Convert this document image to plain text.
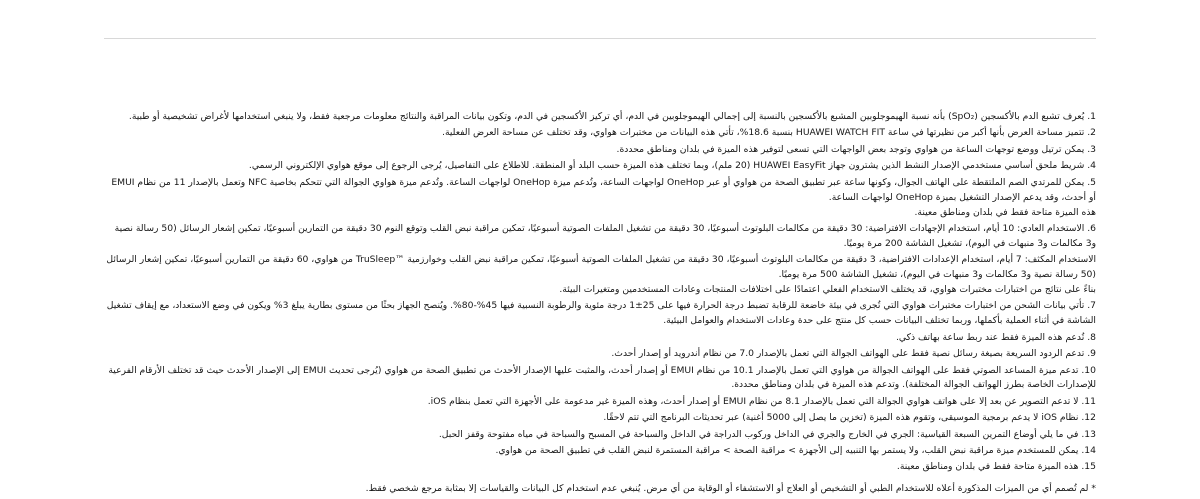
1. يُعرف تشبع الدم بالأكسجين (SpO₂) بأنه نسبة الهيموجلوبين المشبع بالأكسجين بالنسبة إلى إجمالي الهيموجلوبين في الدم، أي تركيز الأكسجين في الدم، وتكون بيانات المراقبة والنتائج معلومات مرجعية فقط، ولا ينبغي استخدامها لأغراض تشخيصية أو طبية.

2. تتميز مساحة العرض بأنها أكبر من نظيرتها في ساعة HUAWEI WATCH FIT بنسبة 18.6%، تأتي هذه البيانات من مختبرات هواوي، وقد تختلف عن مساحة العرض الفعلية.

3. يمكن ترتيل ووضع توجهات الساعة من هواوي وتوجد بعض الواجهات التي تسعى لتوفير هذه الميزة في بلدان ومناطق محددة.

4. شريط ملحق أساسي مستخدمي الإصدار النشط الذين يشترون جهاز HUAWEI EasyFit (20 ملم)، وبما تختلف هذه الميزة حسب البلد أو المنطقة. للاطلاع على التفاصيل، يُرجى الرجوع إلى موقع هواوي الإلكتروني الرسمي.

5. يمكن للمرتدي الصم الملتقطة على الهاتف الجوال، وكونها ساعة عبر تطبيق الصحة من هواوي أو عبر OneHop لواجهات الساعة، وتُدعم ميزة OneHop لواجهات الساعة. وتُدعم ميزة هواوي الجوالة التي تتحكم بخاصية NFC وتعمل بالإصدار 11 من نظام EMUI أو أحدث، وقد يدعم الإصدار التشغيل بميزة OneHop لواجهات الساعة.

هذه الميزة متاحة فقط في بلدان ومناطق معينة.

6. الاستخدام العادي: 10 أيام، استخدام الإجهادات الافتراضية: 30 دقيقة من مكالمات البلوتوث أسبوعيًا، 30 دقيقة من تشغيل الملفات الصوتية أسبوعيًا، تمكين مراقبة نبض القلب وتوقع النوم 30 دقيقة من التمارين أسبوعيًا، تمكين إشعار الرسائل (50 رسالة نصية و3 مكالمات و3 منبهات في اليوم)، تشغيل الشاشة 200 مرة يوميًا.

الاستخدام المكثف: 7 أيام، استخدام الإعدادات الافتراضية، 3 دقيقة من مكالمات البلوتوث أسبوعيًا، 30 دقيقة من تشغيل الملفات الصوتية أسبوعيًا، تمكين مراقبة نبض القلب وخوارزمية ™TruSleep من هواوي، 60 دقيقة من التمارين أسبوعيًا، تمكين إشعار الرسائل (50 رسالة نصية و3 مكالمات و3 منبهات في اليوم)، تشغيل الشاشة 500 مرة يوميًا.

بناءً على نتائج من اختبارات مختبرات هواوي، قد يختلف الاستخدام الفعلي اعتمادًا على اختلافات المنتجات وعادات المستخدمين ومتغيرات البيئة.

7. تأتي بيانات الشحن من اختبارات مختبرات هواوي التي تُجرى في بيئة خاضعة للرقابة تضبط درجة الحرارة فيها على 25±1 درجة مئوية والرطوبة النسبية فيها 45%-80%. ويُنصح الجهاز بحثًا من مستوى بطارية يبلغ 3% ويكون في وضع الاستعداد، مع إيقاف تشغيل الشاشة في أثناء العملية بأكملها، وربما تختلف البيانات حسب كل منتج على حدة وعادات الاستخدام والعوامل البيئية.

8. تُدعم هذه الميزة فقط عند ربط ساعة بهاتف ذكي.

9. تدعم الردود السريعة بصيغة رسائل نصية فقط على الهواتف الجوالة التي تعمل بالإصدار 7.0 من نظام أندرويد أو إصدار أحدث.

10. تدعم ميزة المساعد الصوتي فقط على الهواتف الجوالة من هواوي التي تعمل بالإصدار 10.1 من نظام EMUI أو إصدار أحدث، والمثبت عليها الإصدار الأحدث من تطبيق الصحة من هواوي (يُرجى تحديث EMUI إلى الإصدار الأحدث حيث قد تختلف الأرقام الفرعية للإصدارات الخاصة بطرز الهواتف الجوالة المختلفة). وتدعم هذه الميزة في بلدان ومناطق محددة.

11. لا تدعم التصوير عن بعد إلا على هواتف هواوي الجوالة التي تعمل بالإصدار 8.1 من نظام EMUI أو إصدار أحدث، وهذه الميزة غير مدعومة على الأجهزة التي تعمل بنظام iOS.

12. نظام iOS لا يدعم برمجية الموسيقى، وتقوم هذه الميزة (تخزين ما يصل إلى 5000 أغنية) عبر تحديثات البرنامج التي تتم لاحقًا.

13. في ما يلي أوضاع التمرين السبعة القياسية: الجري في الخارج والجري في الداخل وركوب الدراجة في الداخل والسباحة في المسبح والسباحة في مياه مفتوحة وقفز الحبل.

14. يمكن للمستخدم ميزة مراقبة نبض القلب، ولا يستمر بها التنبيه إلى الأجهزة > مراقبة الصحة > مراقبة المستمرة لنبض القلب في تطبيق الصحة من هواوي.

15. هذه الميزة متاحة فقط في بلدان ومناطق معينة.

* لم تُصمم أي من الميزات المذكورة أعلاه للاستخدام الطبي أو التشخيص أو العلاج أو الاستشفاء أو الوقاية من أي مرض. يُنبغي عدم استخدام كل البيانات والقياسات إلا بمثابة مرجع شخصي فقط.
